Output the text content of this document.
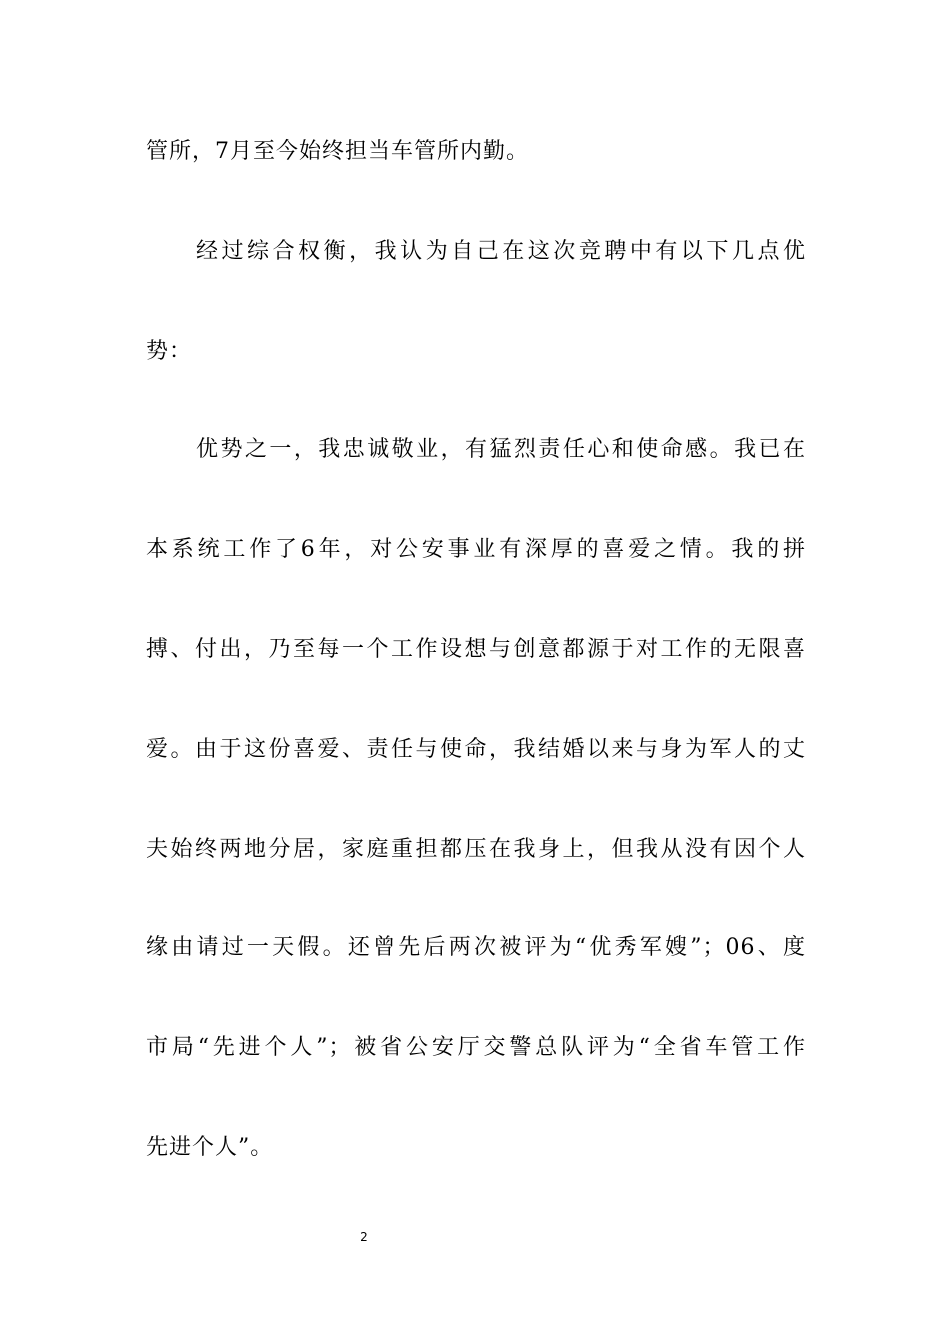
管所，7月至今始终担当车管所内勤。
经过综合权衡，我认为自己在这次竞聘中有以下几点优
势：
优势之一，我忠诚敬业，有猛烈责任心和使命感。我已在
本系统工作了6年，对公安事业有深厚的喜爱之情。我的拼
搏、付出，乃至每一个工作设想与创意都源于对工作的无限喜
爱。由于这份喜爱、责任与使命，我结婚以来与身为军人的丈
夫始终两地分居，家庭重担都压在我身上，但我从没有因个人
缘由请过一天假。还曾先后两次被评为“优秀军嫂”；06、度
市局“先进个人”；被省公安厅交警总队评为“全省车管工作
先进个人”。
2
